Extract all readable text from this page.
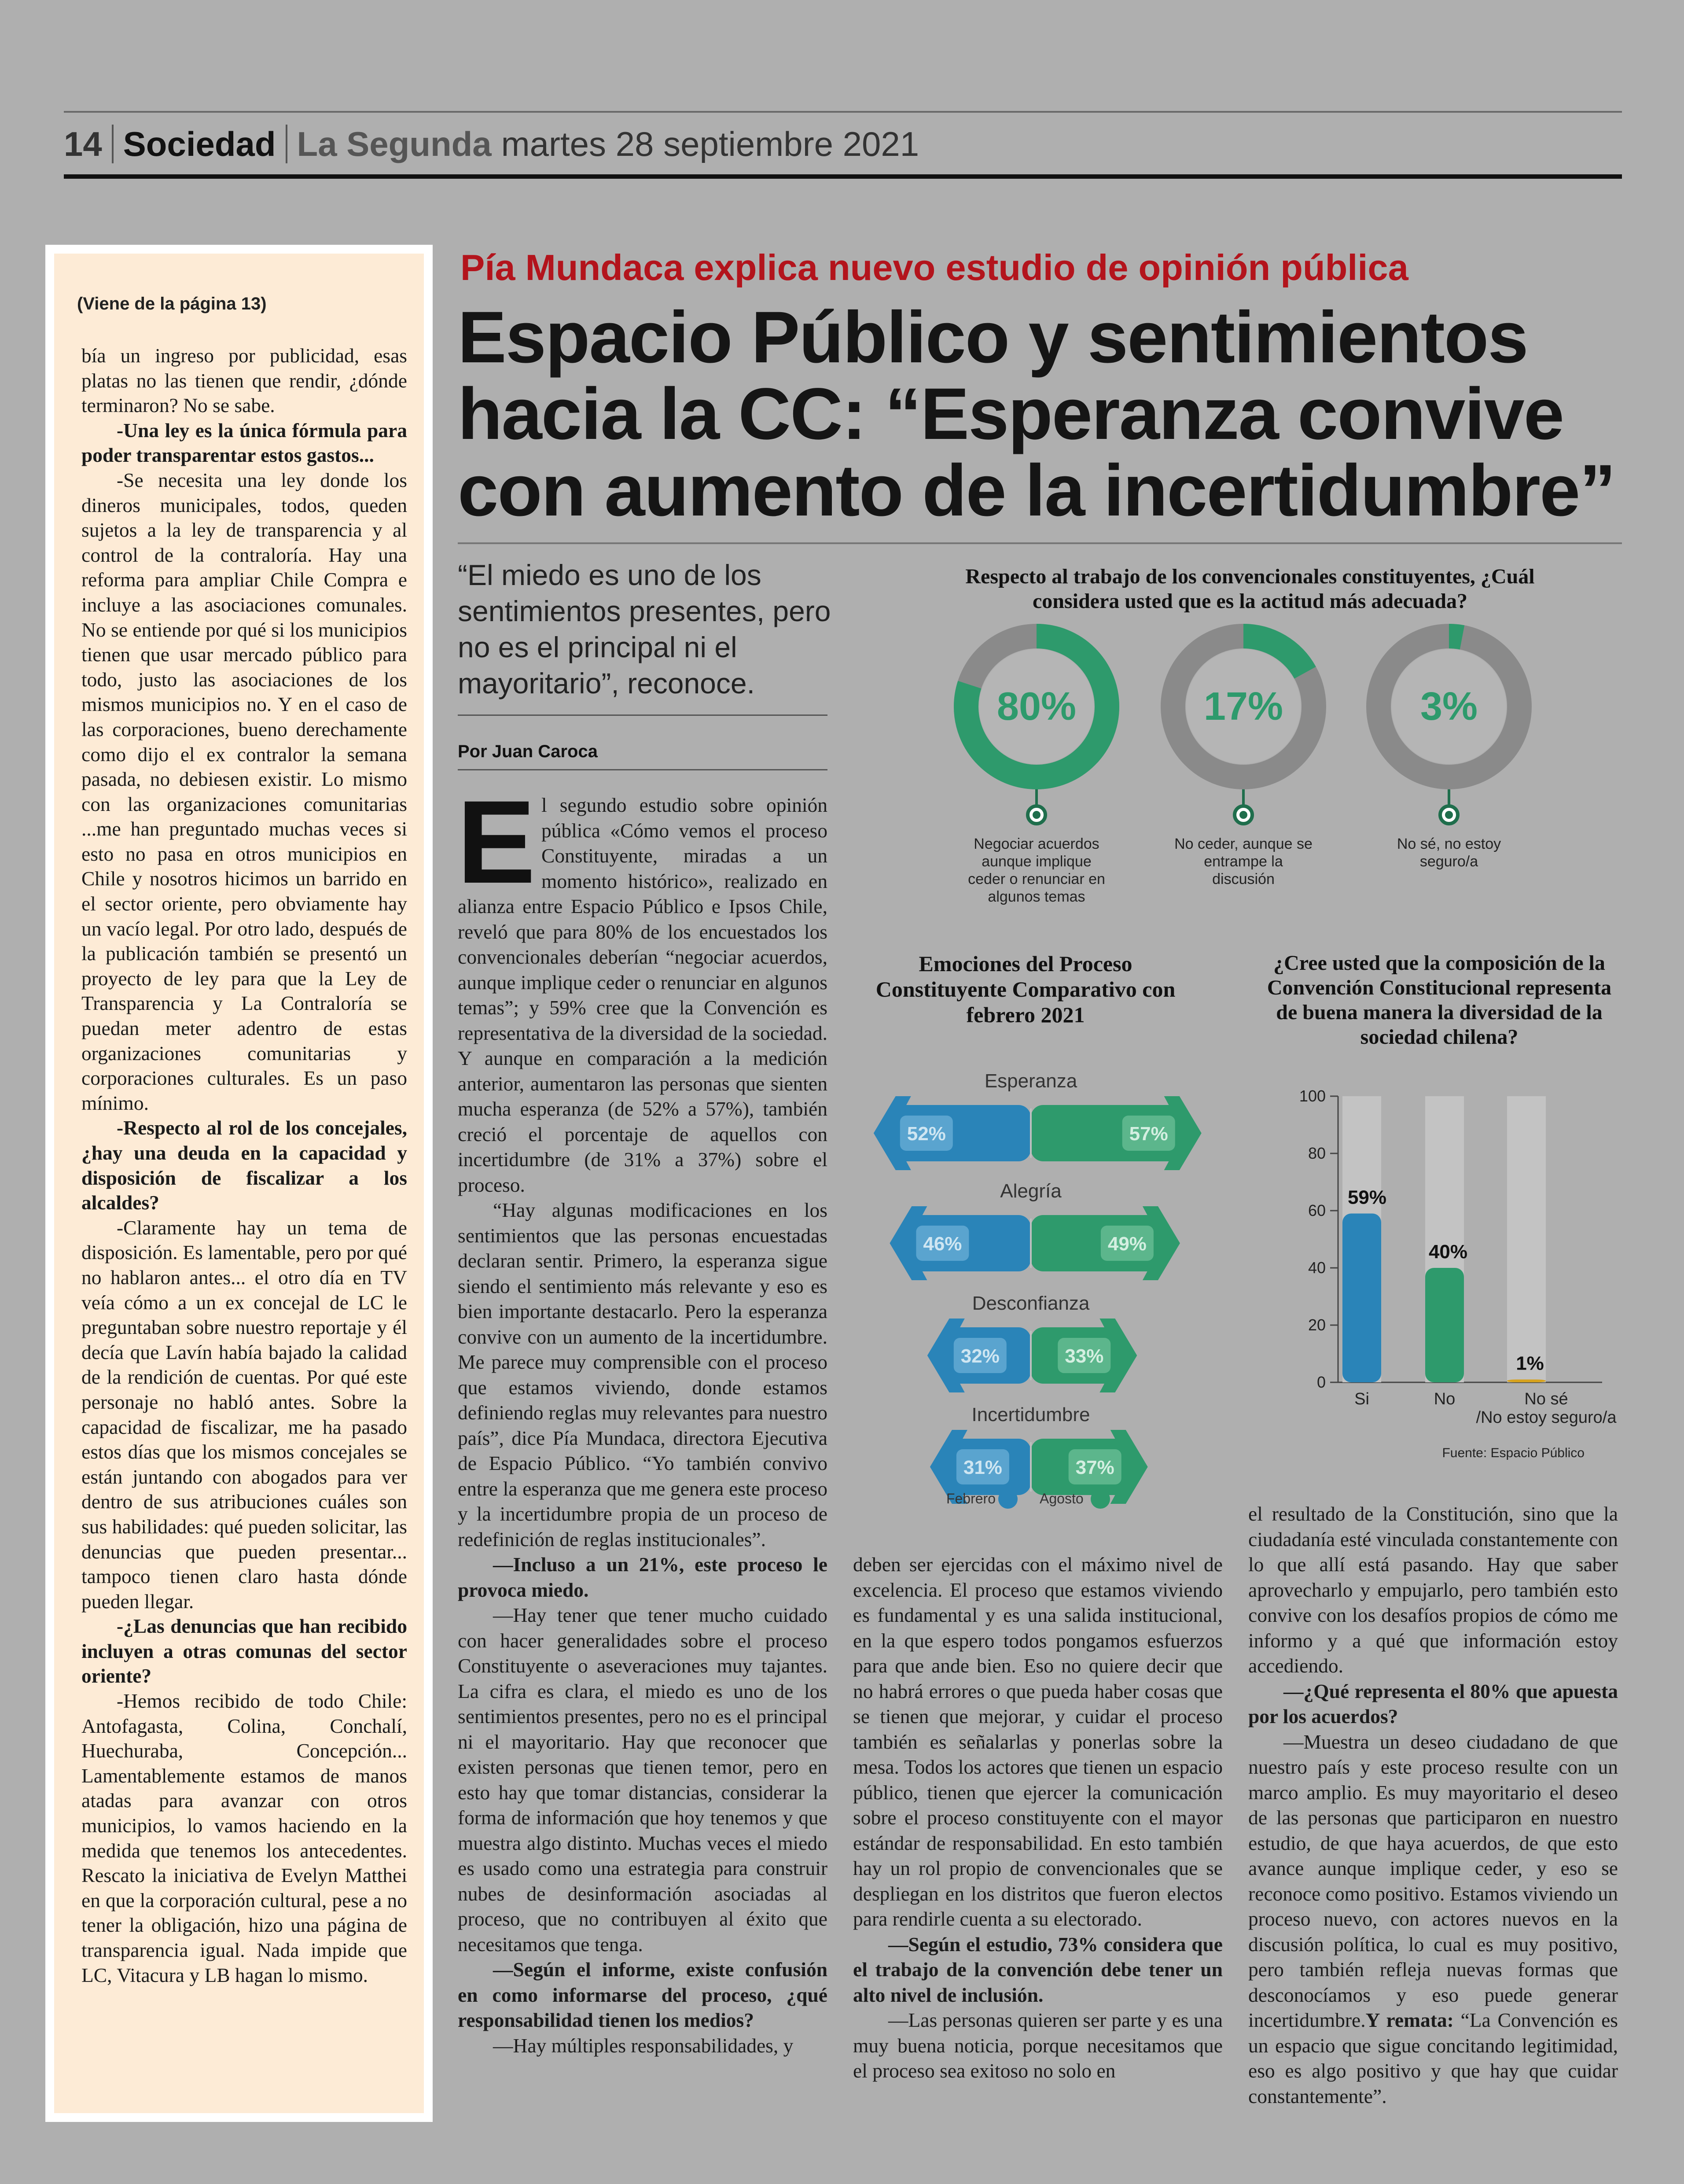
14 Sociedad La Segunda martes 28 septiembre 2021
(Viene de la página 13)

bía un ingreso por publicidad, esas platas no las tienen que rendir, ¿dónde terminaron? No se sabe.

-Una ley es la única fórmula para poder transparentar estos gastos...

-Se necesita una ley donde los dineros municipales, todos, queden sujetos a la ley de transparencia y al control de la contraloría. Hay una reforma para ampliar Chile Compra e incluye a las asociaciones comunales. No se entiende por qué si los municipios tienen que usar mercado público para todo, justo las asociaciones de los mismos municipios no. Y en el caso de las corporaciones, bueno derechamente como dijo el ex contralor la semana pasada, no debiesen existir. Lo mismo con las organizaciones comunitarias ...me han preguntado muchas veces si esto no pasa en otros municipios en Chile y nosotros hicimos un barrido en el sector oriente, pero obviamente hay un vacío legal. Por otro lado, después de la publicación también se presentó un proyecto de ley para que la Ley de Transparencia y La Contraloría se puedan meter adentro de estas organizaciones comunitarias y corporaciones culturales. Es un paso mínimo.

-Respecto al rol de los concejales, ¿hay una deuda en la capacidad y disposición de fiscalizar a los alcaldes?

-Claramente hay un tema de disposición. Es lamentable, pero por qué no hablaron antes... el otro día en TV veía cómo a un ex concejal de LC le preguntaban sobre nuestro reportaje y él decía que Lavín había bajado la calidad de la rendición de cuentas. Por qué este personaje no habló antes. Sobre la capacidad de fiscalizar, me ha pasado estos días que los mismos concejales se están juntando con abogados para ver dentro de sus atribuciones cuáles son sus habilidades: qué pueden solicitar, las denuncias que pueden presentar... tampoco tienen claro hasta dónde pueden llegar.

-¿Las denuncias que han recibido incluyen a otras comunas del sector oriente?

-Hemos recibido de todo Chile: Antofagasta, Colina, Conchalí, Huechuraba, Concepción... Lamentablemente estamos de manos atadas para avanzar con otros municipios, lo vamos haciendo en la medida que tenemos los antecedentes. Rescato la iniciativa de Evelyn Matthei en que la corporación cultural, pese a no tener la obligación, hizo una página de transparencia igual. Nada impide que LC, Vitacura y LB hagan lo mismo.

Pía Mundaca explica nuevo estudio de opinión pública
Espacio Público y sentimientos hacia la CC: “Esperanza convive con aumento de la incertidumbre”
“El miedo es uno de los sentimientos presentes, pero no es el principal ni el mayoritario”, reconoce.
Por Juan Caroca
E l segundo estudio sobre opinión pública «Cómo vemos el proceso Constituyente, miradas a un momento histórico», realizado en

alianza entre Espacio Público e Ipsos Chile, reveló que para 80% de los encuestados los convencionales deberían “negociar acuerdos, aunque implique ceder o renunciar en algunos temas”; y 59% cree que la Convención es representativa de la diversidad de la sociedad. Y aunque en comparación a la medición anterior, aumentaron las personas que sienten mucha esperanza (de 52% a 57%), también creció el porcentaje de aquellos con incertidumbre (de 31% a 37%) sobre el proceso.

“Hay algunas modificaciones en los sentimientos que las personas encuestadas declaran sentir. Primero, la esperanza sigue siendo el sentimiento más relevante y eso es bien importante destacarlo. Pero la esperanza convive con un aumento de la incertidumbre. Me parece muy comprensible con el proceso que estamos viviendo, donde estamos definiendo reglas muy relevantes para nuestro país”, dice Pía Mundaca, directora Ejecutiva de Espacio Público. “Yo también convivo entre la esperanza que me genera este proceso y la incertidumbre propia de un proceso de redefinición de reglas institucionales”.

—Incluso a un 21%, este proceso le provoca miedo.

—Hay tener que tener mucho cuidado con hacer generalidades sobre el proceso Constituyente o aseveraciones muy tajantes. La cifra es clara, el miedo es uno de los sentimientos presentes, pero no es el principal ni el mayoritario. Hay que reconocer que existen personas que tienen temor, pero en esto hay que tomar distancias, considerar la forma de información que hoy tenemos y que muestra algo distinto. Muchas veces el miedo es usado como una estrategia para construir nubes de desinformación asociadas al proceso, que no contribuyen al éxito que necesitamos que tenga.

—Según el informe, existe confusión en como informarse del proceso, ¿qué responsabilidad tienen los medios?

—Hay múltiples responsabilidades, y

deben ser ejercidas con el máximo nivel de excelencia. El proceso que estamos viviendo es fundamental y es una salida institucional, en la que espero todos pongamos esfuerzos para que ande bien. Eso no quiere decir que no habrá errores o que pueda haber cosas que se tienen que mejorar, y cuidar el proceso también es señalarlas y ponerlas sobre la mesa. Todos los actores que tienen un espacio público, tienen que ejercer la comunicación sobre el proceso constituyente con el mayor estándar de responsabilidad. En esto también hay un rol propio de convencionales que se despliegan en los distritos que fueron electos para rendirle cuenta a su electorado.

—Según el estudio, 73% considera que el trabajo de la convención debe tener un alto nivel de inclusión.

—Las personas quieren ser parte y es una muy buena noticia, porque necesitamos que el proceso sea exitoso no solo en

el resultado de la Constitución, sino que la ciudadanía esté vinculada constantemente con lo que allí está pasando. Hay que saber aprovecharlo y empujarlo, pero también esto convive con los desafíos propios de cómo me informo y a qué que información estoy accediendo.

—¿Qué representa el 80% que apuesta por los acuerdos?

—Muestra un deseo ciudadano de que nuestro país y este proceso resulte con un marco amplio. Es muy mayoritario el deseo de las personas que participaron en nuestro estudio, de que haya acuerdos, de que esto avance aunque implique ceder, y eso se reconoce como positivo. Estamos viviendo un proceso nuevo, con actores nuevos en la discusión política, lo cual es muy positivo, pero también refleja nuevas formas que desconocíamos y eso puede generar incertidumbre.Y remata: “La Convención es un espacio que sigue concitando legitimidad, eso es algo positivo y que hay que cuidar constantemente”.

Respecto al trabajo de los convencionales constituyentes, ¿Cuál considera usted que es la actitud más adecuada?
80%
Negociar acuerdos aunque implique ceder o renunciar en algunos temas
17%
No ceder, aunque se entrampe la discusión
3%
No sé, no estoy seguro/a
Emociones del Proceso Constituyente Comparativo con febrero 2021
Esperanza
52%	57%
Alegría
46%	49%
Desconfianza
32%	33%
Incertidumbre
31%	37%
Febrero	Agosto
¿Cree usted que la composición de la Convención Constitucional representa de buena manera la diversidad de la sociedad chilena?
0
20
40
60
80
100
59%
Si
40%
No
1%
No sé /No estoy seguro/a
Fuente: Espacio Público
